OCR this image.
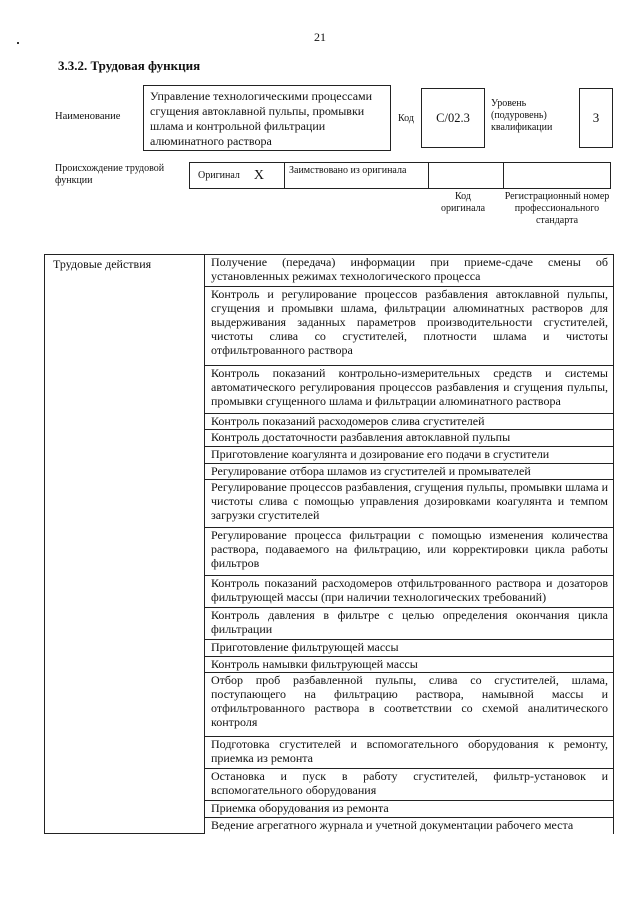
21
3.3.2. Трудовая функция
Наименование
Управление технологическими процессами сгущения автоклавной пульпы, промывки шлама и контрольной фильтрации алюминатного раствора
Код C/02.3
Уровень (подуровень) квалификации
3
Происхождение трудовой функции	Оригинал X	Заимствовано из оригинала
Код оригинала
Регистрационный номер профессионального стандарта
Трудовые действия	Получение (передача) информации при приеме-сдаче смены об установленных режимах технологического процесса
Контроль и регулирование процессов разбавления автоклавной пульпы, сгущения и промывки шлама, фильтрации алюминатных растворов для выдерживания заданных параметров производительности сгустителей, чистоты слива со сгустителей, плотности шлама и чистоты отфильтрованного раствора
Контроль показаний контрольно-измерительных средств и системы автоматического регулирования процессов разбавления и сгущения пульпы, промывки сгущенного шлама и фильтрации алюминатного раствора
Контроль показаний расходомеров слива сгустителей
Контроль достаточности разбавления автоклавной пульпы
Приготовление коагулянта и дозирование его подачи в сгустители
Регулирование отбора шламов из сгустителей и промывателей
Регулирование процессов разбавления, сгущения пульпы, промывки шлама и чистоты слива с помощью управления дозировками коагулянта и темпом загрузки сгустителей
Регулирование процесса фильтрации с помощью изменения количества раствора, подаваемого на фильтрацию, или корректировки цикла работы фильтров
Контроль показаний расходомеров отфильтрованного раствора и дозаторов фильтрующей массы (при наличии технологических требований)
Контроль давления в фильтре с целью определения окончания цикла фильтрации
Приготовление фильтрующей массы
Контроль намывки фильтрующей массы
Отбор проб разбавленной пульпы, слива со сгустителей, шлама, поступающего на фильтрацию раствора, намывной массы и отфильтрованного раствора в соответствии со схемой аналитического контроля
Подготовка сгустителей и вспомогательного оборудования к ремонту, приемка из ремонта
Остановка и пуск в работу сгустителей, фильтр-установок и вспомогательного оборудования
Приемка оборудования из ремонта
Ведение агрегатного журнала и учетной документации рабочего места
